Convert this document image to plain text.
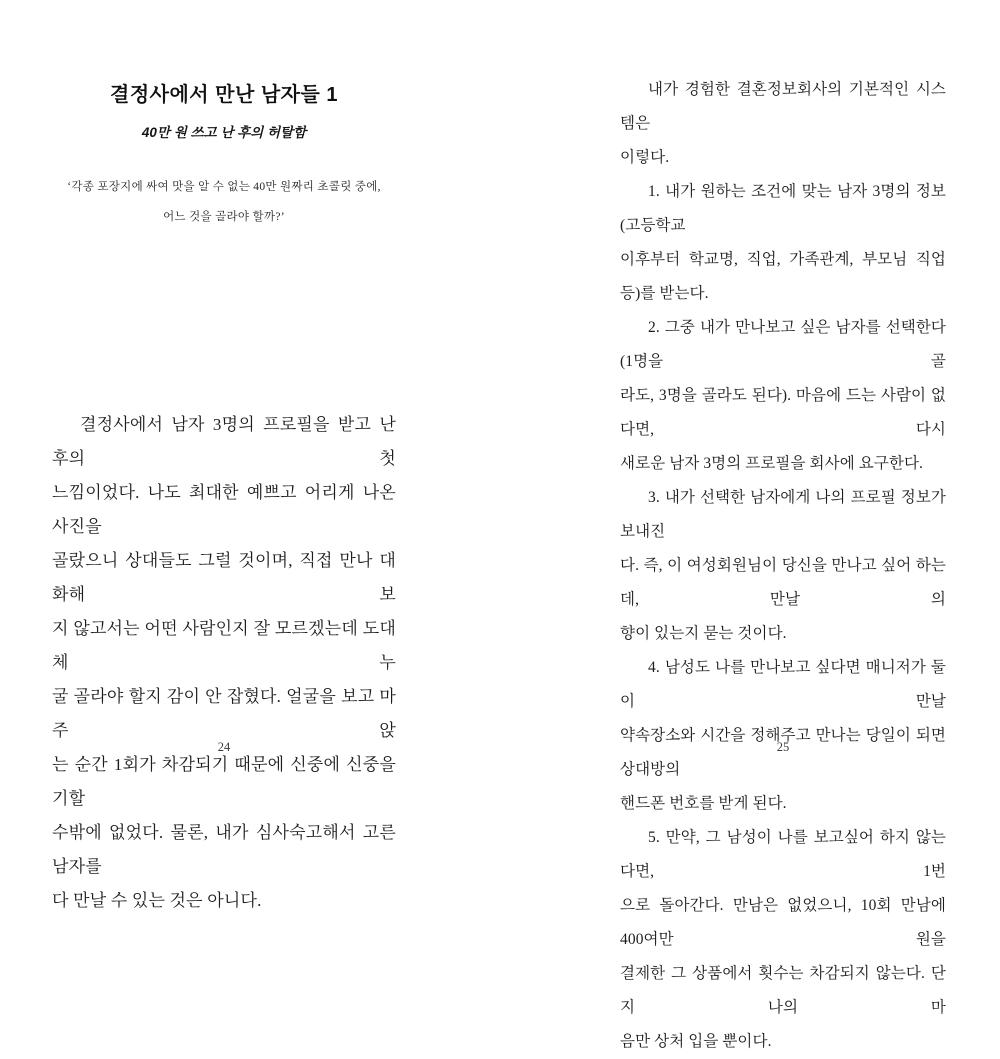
결정사에서 만난 남자들 1
40만 원 쓰고 난 후의 허탈함
‘각종 포장지에 싸여 맛을 알 수 없는 40만 원짜리 초콜릿 중에,
어느 것을 골라야 할까?’
결정사에서 남자 3명의 프로필을 받고 난 후의 첫
느낌이었다. 나도 최대한 예쁘고 어리게 나온 사진을
골랐으니 상대들도 그럴 것이며, 직접 만나 대화해 보
지 않고서는 어떤 사람인지 잘 모르겠는데 도대체 누
굴 골라야 할지 감이 안 잡혔다. 얼굴을 보고 마주 앉
는 순간 1회가 차감되기 때문에 신중에 신중을 기할
수밖에 없었다. 물론, 내가 심사숙고해서 고른 남자를
다 만날 수 있는 것은 아니다.
내가 경험한 결혼정보회사의 기본적인 시스템은
이렇다.
1. 내가 원하는 조건에 맞는 남자 3명의 정보(고등학교
이후부터 학교명, 직업, 가족관계, 부모님 직업 등)를 받는다.
2. 그중 내가 만나보고 싶은 남자를 선택한다(1명을 골
라도, 3명을 골라도 된다). 마음에 드는 사람이 없다면, 다시
새로운 남자 3명의 프로필을 회사에 요구한다.
3. 내가 선택한 남자에게 나의 프로필 정보가 보내진
다. 즉, 이 여성회원님이 당신을 만나고 싶어 하는데, 만날 의
향이 있는지 묻는 것이다.
4. 남성도 나를 만나보고 싶다면 매니저가 둘이 만날
약속장소와 시간을 정해주고 만나는 당일이 되면 상대방의
핸드폰 번호를 받게 된다.
5. 만약, 그 남성이 나를 보고싶어 하지 않는다면, 1번
으로 돌아간다. 만남은 없었으니, 10회 만남에 400여만 원을
결제한 그 상품에서 횟수는 차감되지 않는다. 단지 나의 마
음만 상처 입을 뿐이다.
24	25
